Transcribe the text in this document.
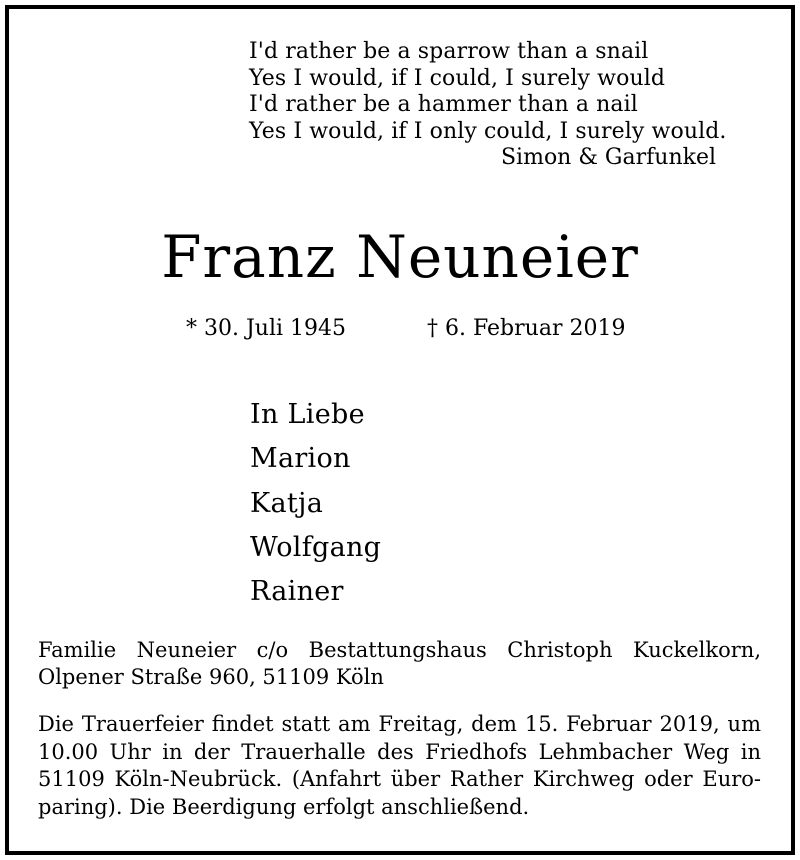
I'd rather be a sparrow than a snail
Yes I would, if I could, I surely would
I'd rather be a hammer than a nail
Yes I would, if I only could, I surely would.
Simon & Garfunkel
Franz Neuneier
* 30. Juli 1945	† 6. Februar 2019
In Liebe
Marion
Katja
Wolfgang
Rainer
Familie Neuneier c/o Bestattungshaus Christoph Kuckelkorn,
Olpener Straße 960, 51109 Köln
Die Trauerfeier findet statt am Freitag, dem 15. Februar 2019, um
10.00 Uhr in der Trauerhalle des Friedhofs Lehmbacher Weg in
51109 Köln-Neubrück. (Anfahrt über Rather Kirchweg oder Euro-
paring). Die Beerdigung erfolgt anschließend.
